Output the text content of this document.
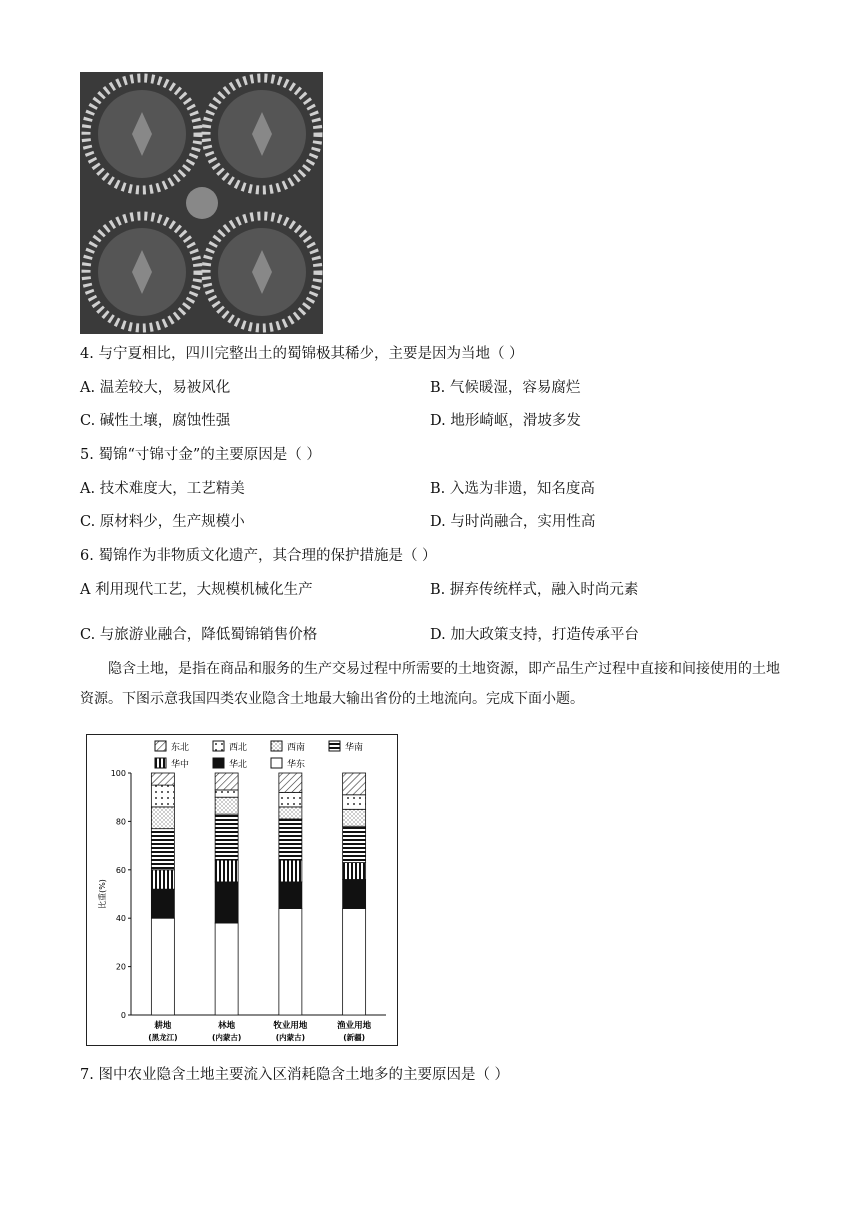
4. 与宁夏相比，四川完整出土的蜀锦极其稀少，主要是因为当地（ ）
A. 温差较大，易被风化	B. 气候暖湿，容易腐烂
C. 碱性土壤，腐蚀性强	D. 地形崎岖，滑坡多发
5. 蜀锦“寸锦寸金”的主要原因是（ ）
A. 技术难度大，工艺精美	B. 入选为非遗，知名度高
C. 原材料少，生产规模小	D. 与时尚融合，实用性高
6. 蜀锦作为非物质文化遗产，其合理的保护措施是（ ）
A 利用现代工艺，大规模机械化生产	B. 摒弃传统样式，融入时尚元素
C. 与旅游业融合，降低蜀锦销售价格	D. 加大政策支持，打造传承平台
隐含土地，是指在商品和服务的生产交易过程中所需要的土地资源，即产品生产过程中直接和间接使用的土地资源。下图示意我国四类农业隐含土地最大输出省份的土地流向。完成下面小题。
东北	西北	西南	华南
华中	华北	华东
0
20
40
60
80
100
比重(%)
耕地
(黑龙江)
林地
(内蒙古)
牧业用地
(内蒙古)
渔业用地
(新疆)
7. 图中农业隐含土地主要流入区消耗隐含土地多的主要原因是（ ）
